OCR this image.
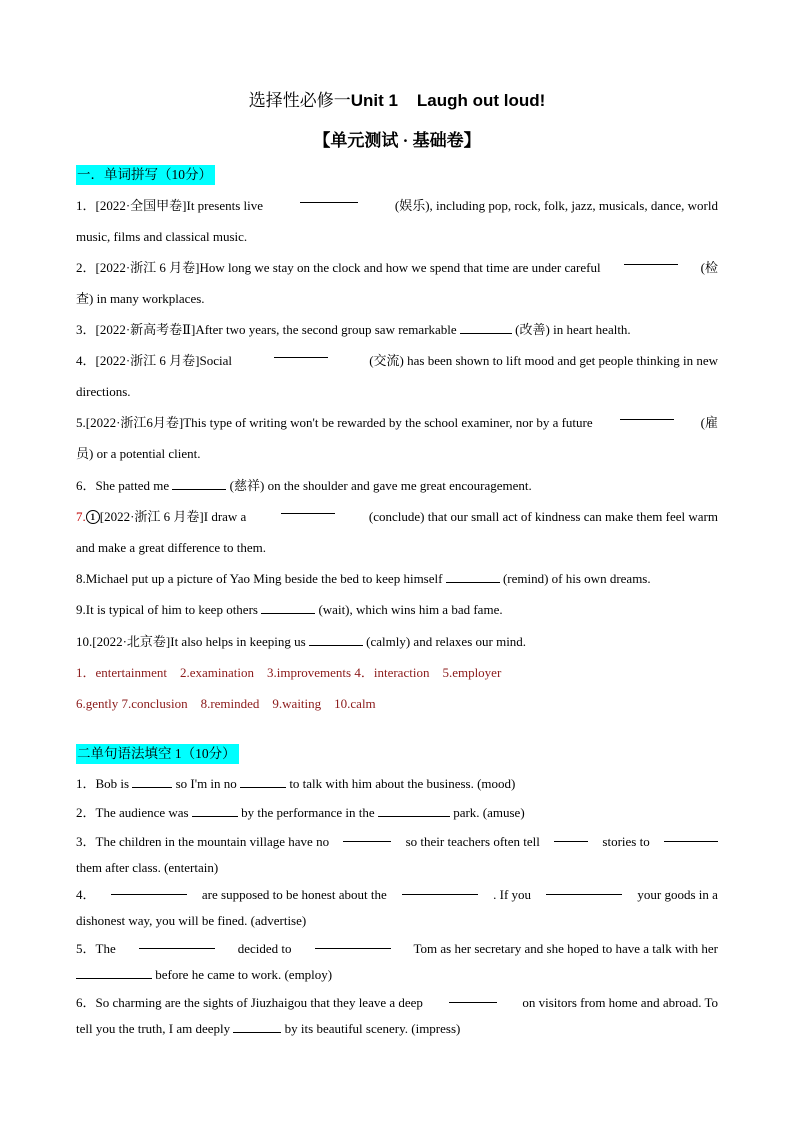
选择性必修一Unit 1    Laugh out loud!
【单元测试 · 基础卷】
一．单词拼写（10分）
1．[2022·全国甲卷]It presents live	(娱乐), including pop, rock, folk, jazz, musicals, dance, world
music, films and classical music.
2．[2022·浙江 6 月卷]How long we stay on the clock and how we spend that time are under careful	(检
查) in many workplaces.
3．[2022·新高考卷Ⅱ]After two years, the second group saw remarkable	(改善) in heart health.
4．[2022·浙江 6 月卷]Social	(交流) has been shown to lift mood and get people thinking in new
directions.
5.[2022·浙江6月卷]This type of writing won't be rewarded by the school examiner, nor by a future	(雇
员) or a potential client.
6．She patted me	(慈祥) on the shoulder and gave me great encouragement.
7. 1 [2022·浙江 6 月卷]I draw a	(conclude) that our small act of kindness can make them feel warm
and make a great difference to them.
8.Michael put up a picture of Yao Ming beside the bed to keep himself	(remind) of his own dreams.
9.It is typical of him to keep others	(wait), which wins him a bad fame.
10.[2022·北京卷]It also helps in keeping us	(calmly) and relaxes our mind.
1．entertainment    2.examination    3.improvements 4．interaction    5.employer
6.gently 7.conclusion    8.reminded    9.waiting    10.calm
二单句语法填空 1（10分）
1．Bob is	so I'm in no	to talk with him about the business. (mood)
2．The audience was	by the performance in the	park. (amuse)
3．The children in the mountain village have no	so their teachers often tell	stories to
them after class. (entertain)
4．	are supposed to be honest about the	. If you	your goods in a
dishonest way, you will be fined. (advertise)
5．The	decided to	Tom as her secretary and she hoped to have a talk with her
before he came to work. (employ)
6．So charming are the sights of Jiuzhaigou that they leave a deep	on visitors from home and abroad. To
tell you the truth, I am deeply	by its beautiful scenery. (impress)
